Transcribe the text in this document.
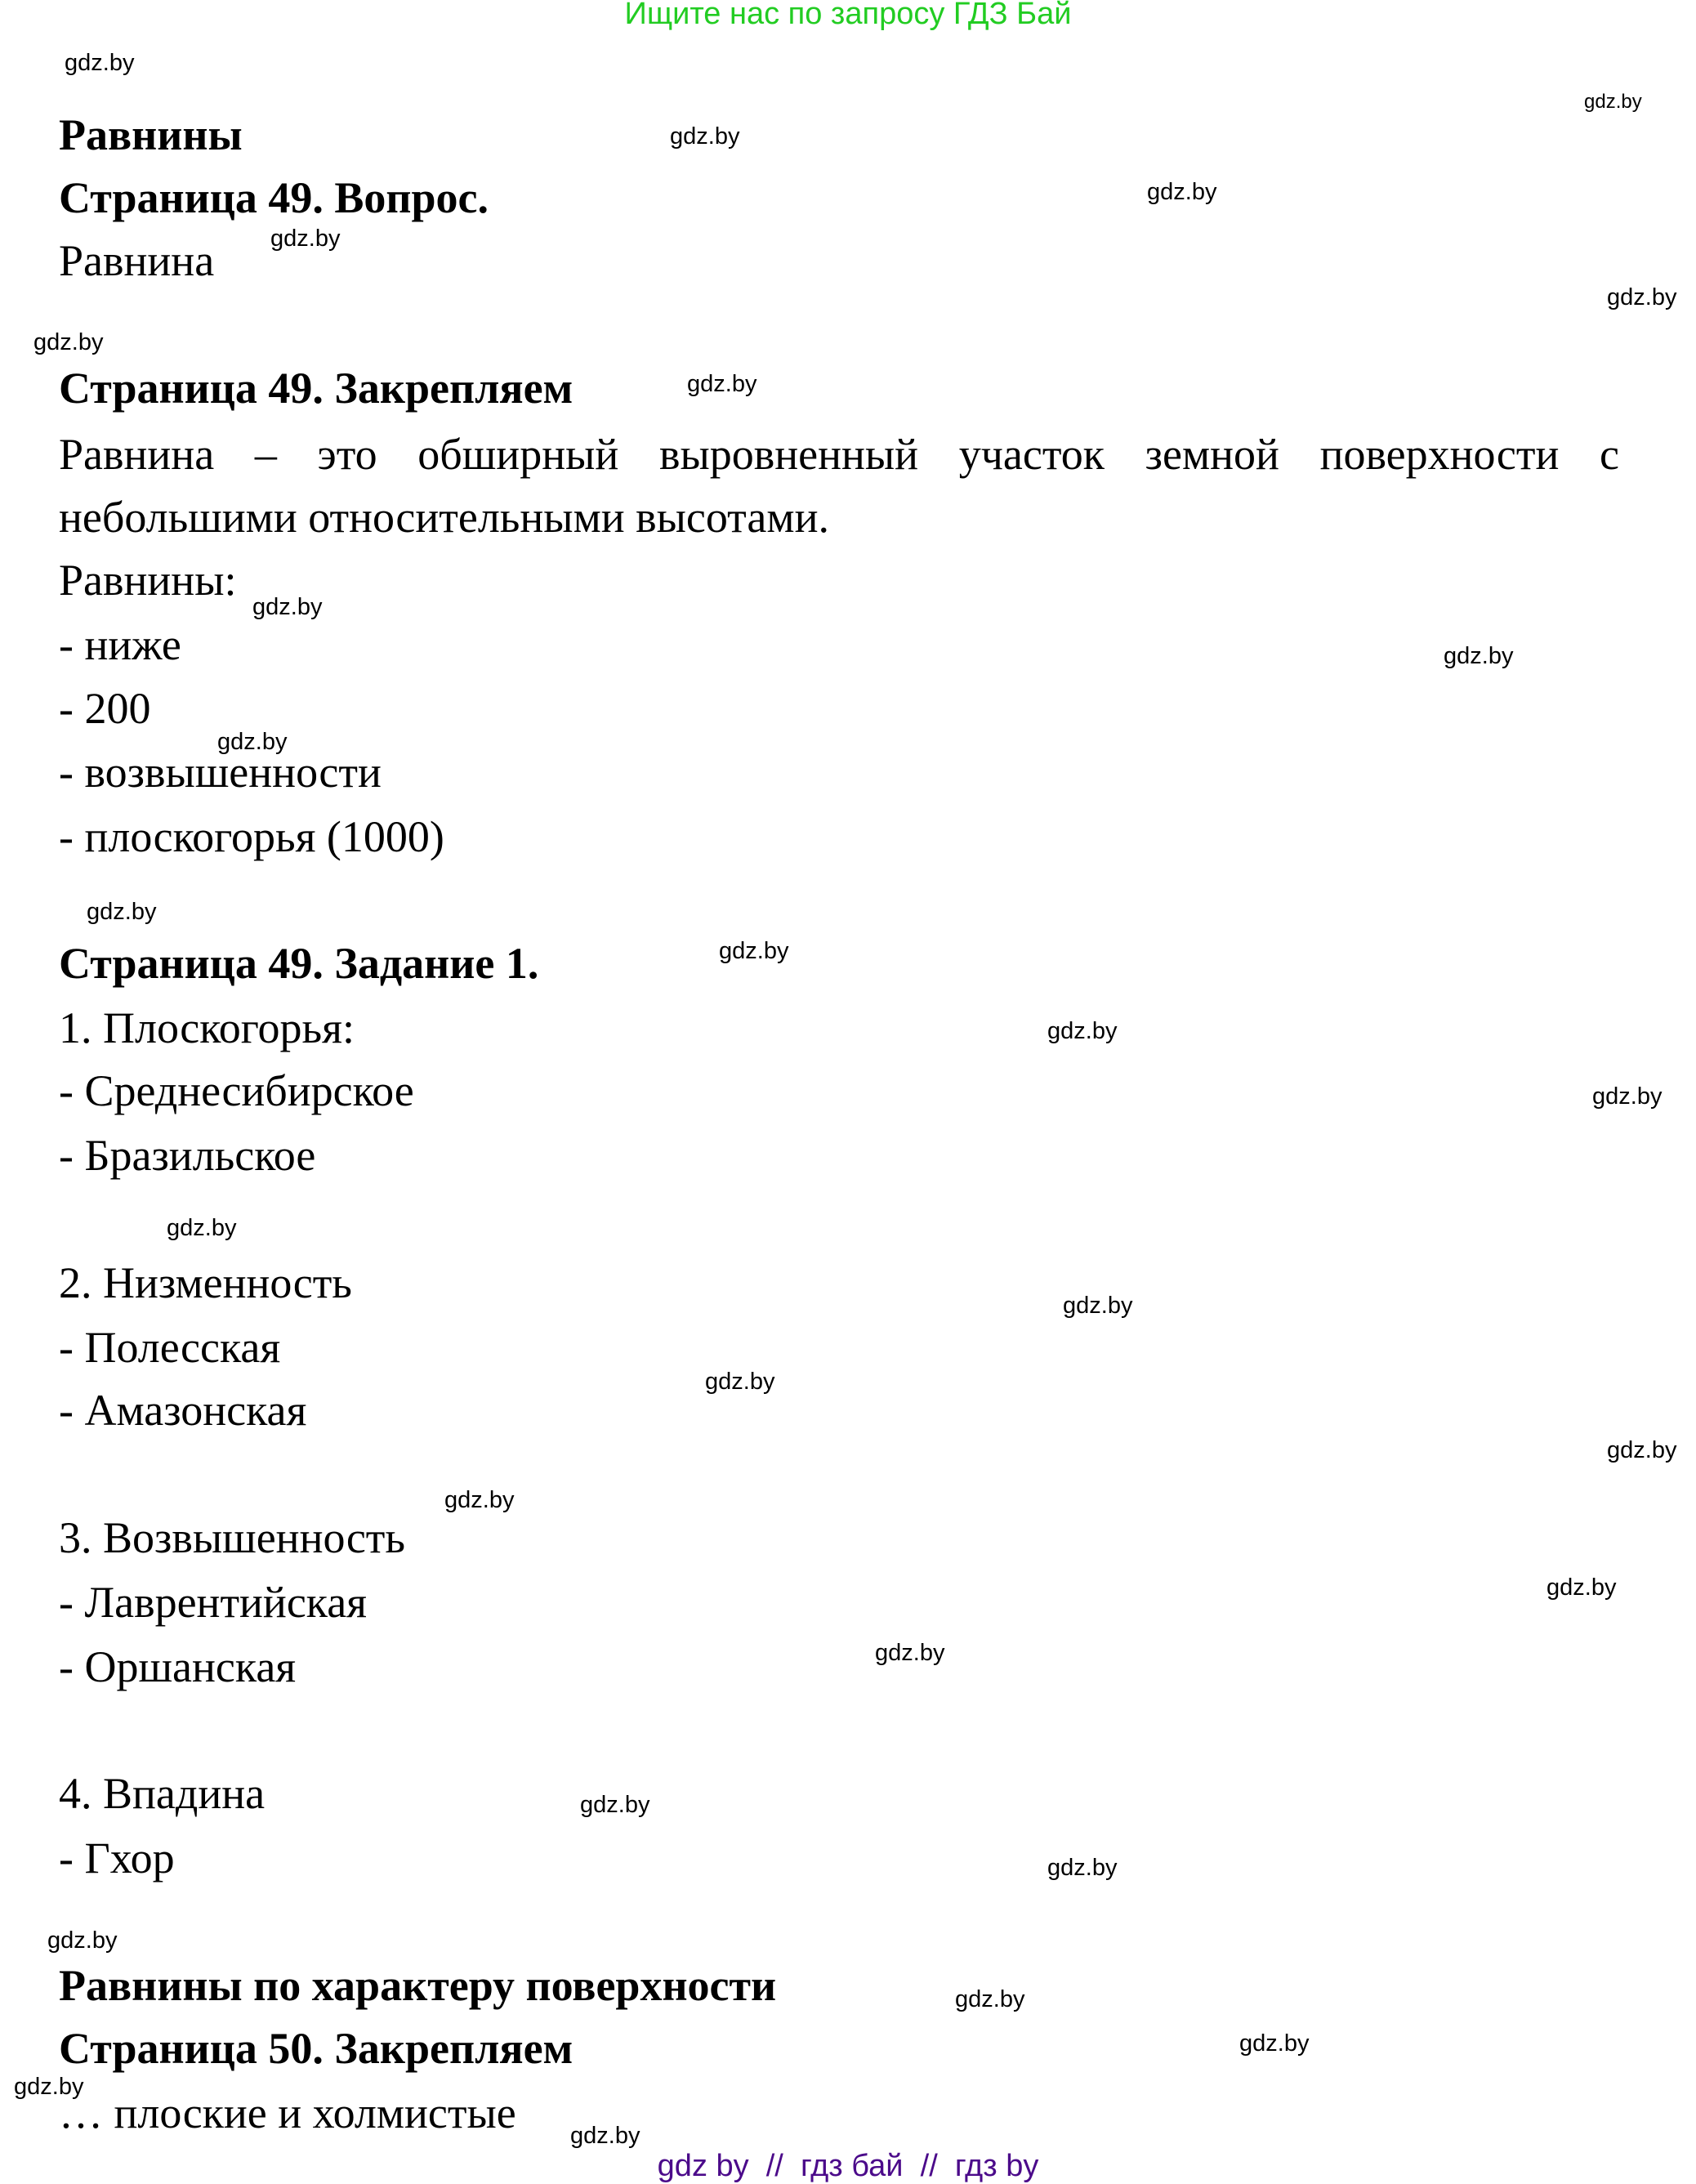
Ищите нас по запросу ГДЗ Бай
Равнины
Страница 49. Вопрос.
Равнина
Страница 49. Закрепляем
Равнина – это обширный выровненный участок земной поверхности с
небольшими относительными высотами.
Равнины:
- ниже
- 200
- возвышенности
- плоскогорья (1000)
Страница 49. Задание 1.
1. Плоскогорья:
- Среднесибирское
- Бразильское
2. Низменность
- Полесская
- Амазонская
3. Возвышенность
- Лаврентийская
- Оршанская
4. Впадина
- Гхор
Равнины по характеру поверхности
Страница 50. Закрепляем
… плоские и холмистые
gdz.by
gdz.by
gdz.by
gdz.by
gdz.by
gdz.by
gdz.by
gdz.by
gdz.by
gdz.by
gdz.by
gdz.by
gdz.by
gdz.by
gdz.by
gdz.by
gdz.by
gdz.by
gdz.by
gdz.by
gdz.by
gdz.by
gdz.by
gdz.by
gdz.by
gdz.by
gdz.by
gdz.by
gdz.by
gdz by  //  гдз бай  //  гдз by
